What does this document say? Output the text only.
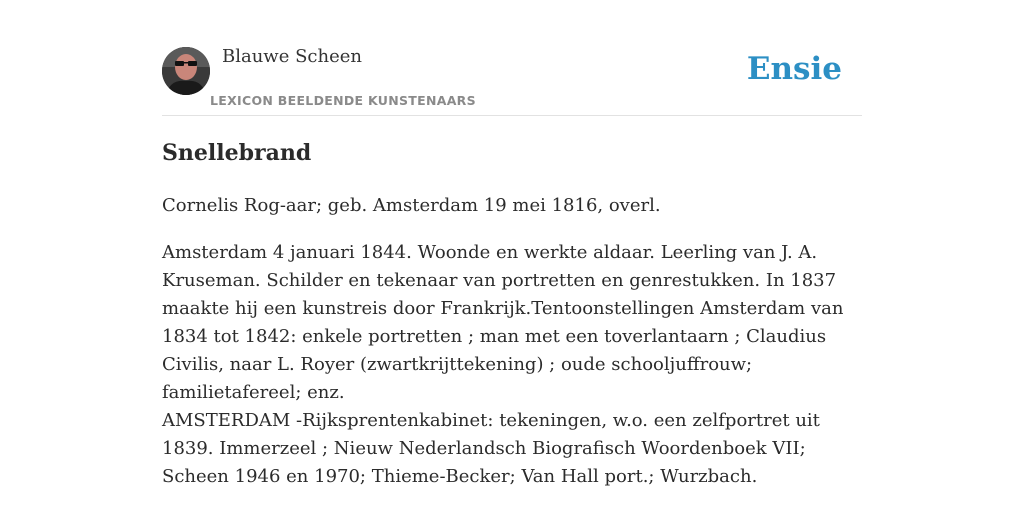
Blauwe Scheen
LEXICON BEELDENDE KUNSTENAARS
Ensie
Snellebrand

Cornelis Rog-aar; geb. Amsterdam 19 mei 1816, overl.

Amsterdam 4 januari 1844. Woonde en werkte aldaar. Leerling van J. A. Kruseman. Schilder en tekenaar van portretten en genrestukken. In 1837 maakte hij een kunstreis door Frankrijk.Tentoonstellingen Amsterdam van 1834 tot 1842: enkele portretten ; man met een toverlantaarn ; Claudius Civilis, naar L. Royer (zwartkrijttekening) ; oude schooljuffrouw; familietafereel; enz.

AMSTERDAM -Rijksprentenkabinet: tekeningen, w.o. een zelfportret uit 1839. Immerzeel ; Nieuw Nederlandsch Biografisch Woordenboek VII; Scheen 1946 en 1970; Thieme-Becker; Van Hall port.; Wurzbach.
